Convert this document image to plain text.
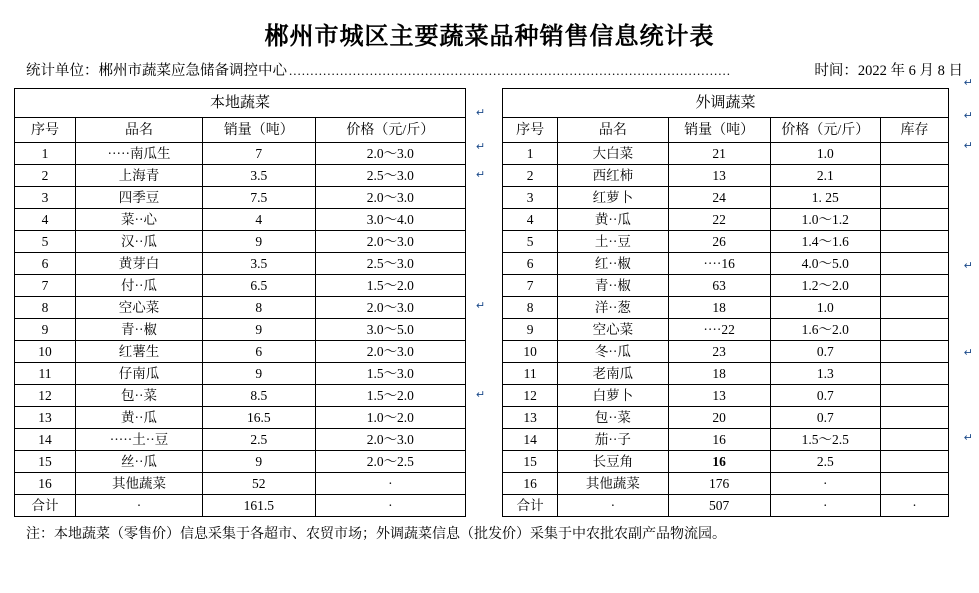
郴州市城区主要蔬菜品种销售信息统计表
统计单位：郴州市蔬菜应急储备调控中心 ........................................................................................................	时间：2022 年 6 月 8 日
本地蔬菜			
序号	品名	销量（吨）	价格（元/斤）
1	·····南瓜生	7	2.0～3.0
2	上海青	3.5	2.5～3.0
3	四季豆	7.5	2.0～3.0
4	菜··心	4	3.0～4.0
5	汉··瓜	9	2.0～3.0
6	黄芽白	3.5	2.5～3.0
7	付··瓜	6.5	1.5～2.0
8	空心菜	8	2.0～3.0
9	青··椒	9	3.0～5.0
10	红薯生	6	2.0～3.0
11	仔南瓜	9	1.5～3.0
12	包··菜	8.5	1.5～2.0
13	黄··瓜	16.5	1.0～2.0
14	·····土··豆	2.5	2.0～3.0
15	丝··瓜	9	2.0～2.5
16	其他蔬菜	52	·
合计	·	161.5	·
↵
↵
↵
↵
↵
外调蔬菜				
序号	品名	销量（吨）	价格（元/斤）	库存
1	大白菜	21	1.0	
2	西红柿	13	2.1	
3	红萝卜	24	1. 25	
4	黄··瓜	22	1.0～1.2	
5	土··豆	26	1.4～1.6	
6	红··椒	····16	4.0～5.0	
7	青··椒	63	1.2～2.0	
8	洋··葱	18	1.0	
9	空心菜	····22	1.6～2.0	
10	冬··瓜	23	0.7	
11	老南瓜	18	1.3	
12	白萝卜	13	0.7	
13	包··菜	20	0.7	
14	茄··子	16	1.5～2.5	
15	长豆角	16	2.5	
16	其他蔬菜	176	·	
合计	·	507	·	·
注：本地蔬菜（零售价）信息采集于各超市、农贸市场；外调蔬菜信息（批发价）采集于中农批农副产品物流园。
↵
↵
↵
↵
↵
↵
